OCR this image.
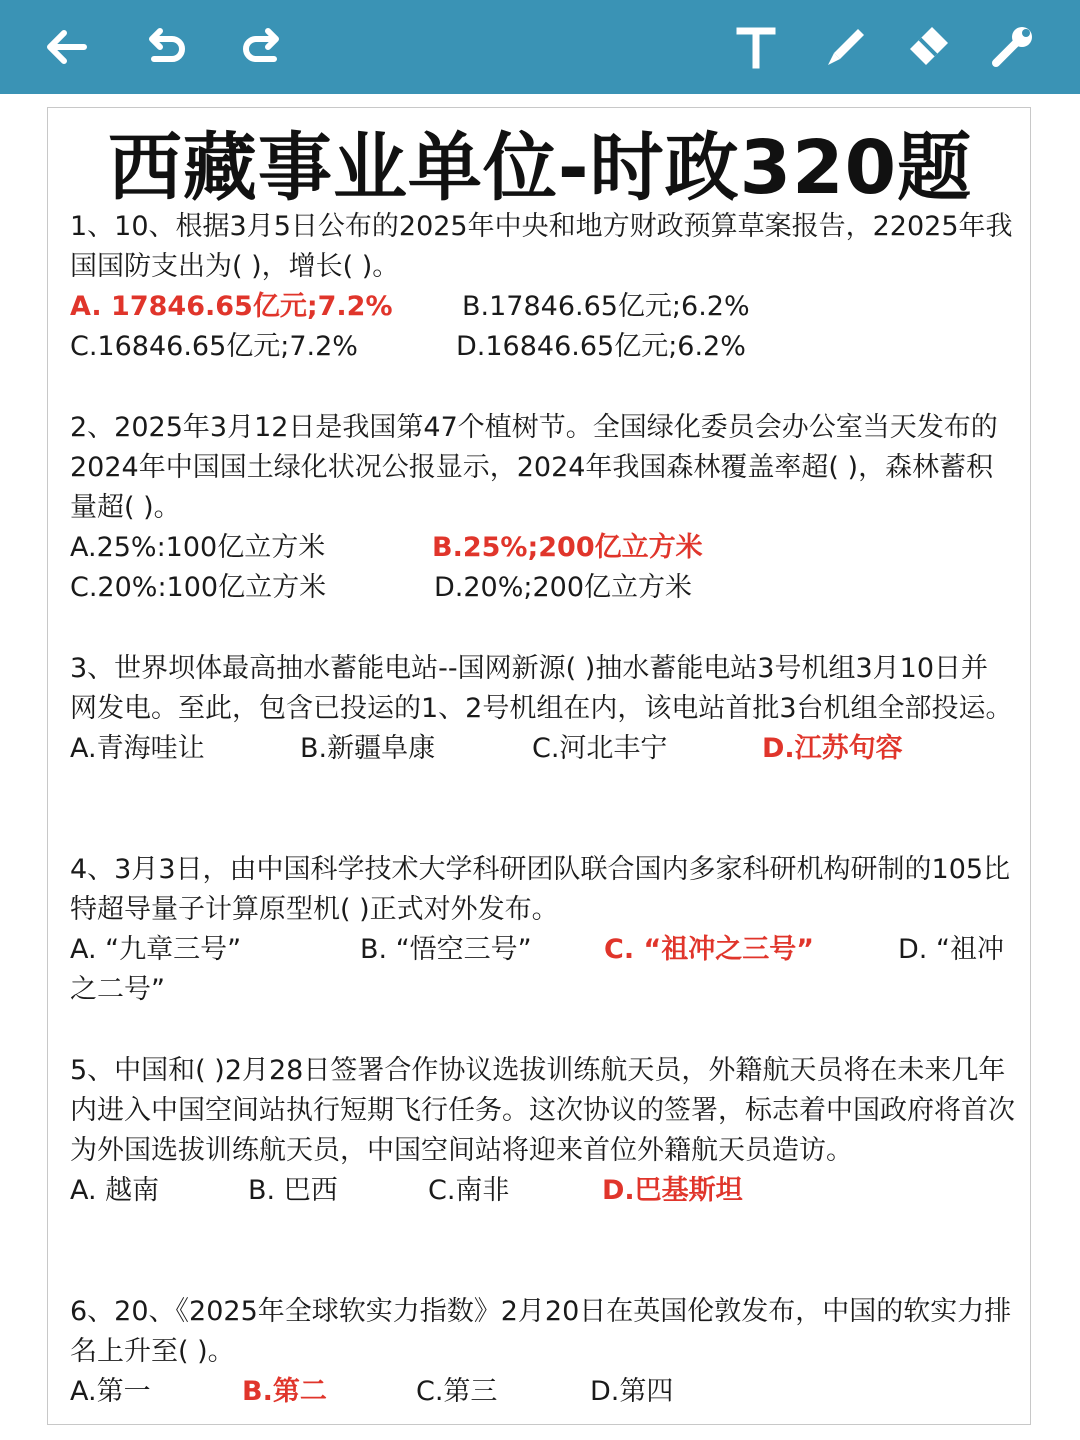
西藏事业单位-时政320题

1、10、根据3月5日公布的2025年中央和地方财政预算草案报告，22025年我国国防支出为( )，增长( )。

A. 17846.65亿元;7.2%	B.17846.65亿元;6.2%
C.16846.65亿元;7.2%	D.16846.65亿元;6.2%

2、2025年3月12日是我国第47个植树节。全国绿化委员会办公室当天发布的2024年中国国土绿化状况公报显示，2024年我国森林覆盖率超( )，森林蓄积量超( )。

A.25%:100亿立方米	B.25%;200亿立方米
C.20%:100亿立方米	D.20%;200亿立方米

3、世界坝体最高抽水蓄能电站--国网新源( )抽水蓄能电站3号机组3月10日并网发电。至此，包含已投运的1、2号机组在内，该电站首批3台机组全部投运。

A.青海哇让	B.新疆阜康	C.河北丰宁	D.江苏句容

4、3月3日，由中国科学技术大学科研团队联合国内多家科研机构研制的105比特超导量子计算原型机( )正式对外发布。

A. “九章三号”	B. “悟空三号”	C. “祖冲之三号”	D. “祖冲
之二号”

5、中国和( )2月28日签署合作协议选拔训练航天员，外籍航天员将在未来几年内进入中国空间站执行短期飞行任务。这次协议的签署，标志着中国政府将首次为外国选拔训练航天员，中国空间站将迎来首位外籍航天员造访。

A. 越南	B. 巴西	C.南非	D.巴基斯坦

6、20、《2025年全球软实力指数》2月20日在英国伦敦发布，中国的软实力排名上升至( )。

A.第一	B.第二	C.第三	D.第四
